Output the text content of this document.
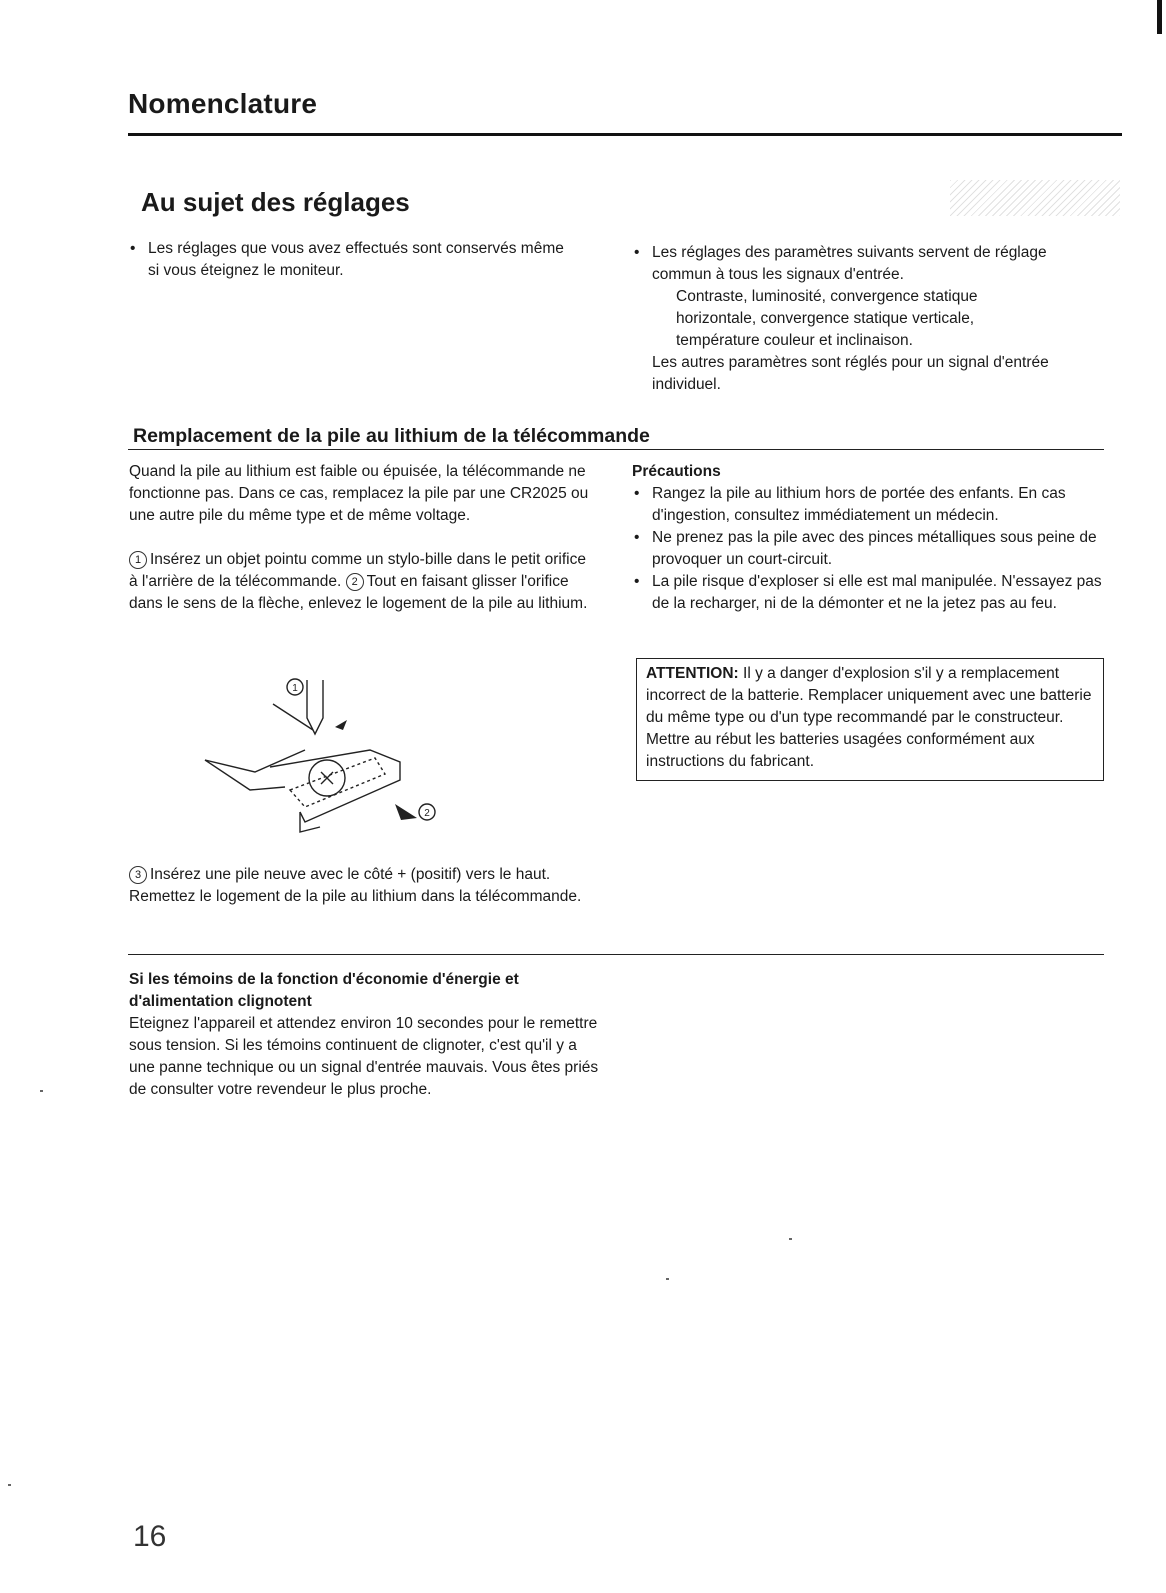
Nomenclature
Au sujet des réglages
• Les réglages que vous avez effectués sont conservés même si vous éteignez le moniteur.
• Les réglages des paramètres suivants servent de réglage commun à tous les signaux d'entrée.
Contraste, luminosité, convergence statique
horizontale, convergence statique verticale,
température couleur et inclinaison.
Les autres paramètres sont réglés pour un signal d'entrée individuel.
Remplacement de la pile au lithium de la télécommande

Quand la pile au lithium est faible ou épuisée, la télécommande ne fonctionne pas. Dans ce cas, remplacez la pile par une CR2025 ou une autre pile du même type et de même voltage.

1 Insérez un objet pointu comme un stylo-bille dans le petit orifice à l'arrière de la télécommande. 2 Tout en faisant glisser l'orifice dans le sens de la flèche, enlevez le logement de la pile au lithium.

1
2
3 Insérez une pile neuve avec le côté + (positif) vers le haut. Remettez le logement de la pile au lithium dans la télécommande.
Précautions
• Rangez la pile au lithium hors de portée des enfants. En cas d'ingestion, consultez immédiatement un médecin.
• Ne prenez pas la pile avec des pinces métalliques sous peine de provoquer un court-circuit.
• La pile risque d'exploser si elle est mal manipulée. N'essayez pas de la recharger, ni de la démonter et ne la jetez pas au feu.
ATTENTION: Il y a danger d'explosion s'il y a remplacement incorrect de la batterie. Remplacer uniquement avec une batterie du même type ou d'un type recommandé par le constructeur. Mettre au rébut les batteries usagées conformément aux instructions du fabricant.
Si les témoins de la fonction d'économie d'énergie et d'alimentation clignotent
Eteignez l'appareil et attendez environ 10 secondes pour le remettre sous tension. Si les témoins continuent de clignoter, c'est qu'il y a une panne technique ou un signal d'entrée mauvais. Vous êtes priés de consulter votre revendeur le plus proche.
16
